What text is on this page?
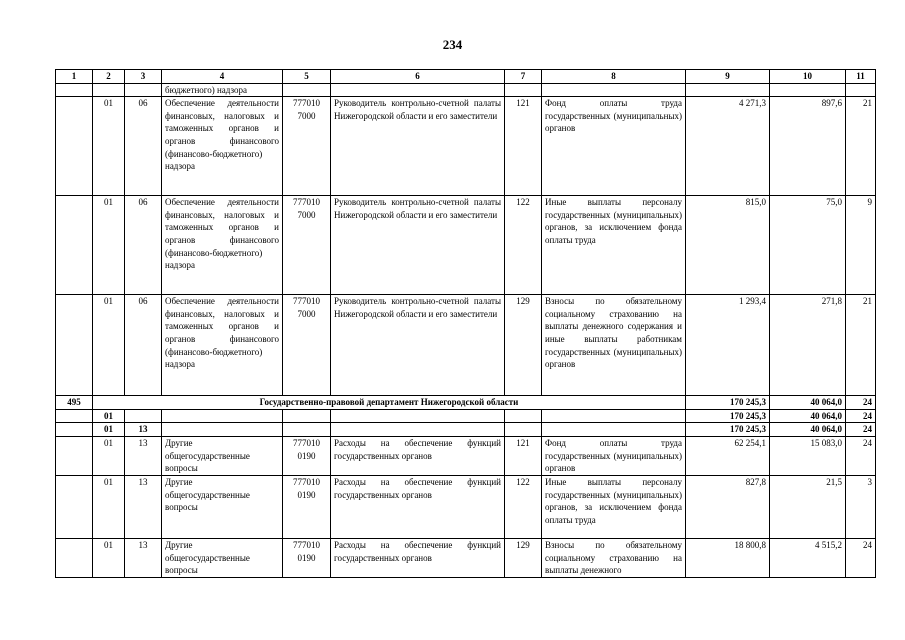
234
1	2	3	4	5	6	7	8	9	10	11
			бюджетного) надзора							
	01	06	Обеспечение деятельности финансовых, налоговых и таможенных органов и органов финансового (финансово-бюджетного) надзора	777010 7000	Руководитель контрольно-счетной палаты Нижегородской области и его заместители	121	Фонд оплаты труда государственных (муниципальных) органов	4 271,3	897,6	21
	01	06	Обеспечение деятельности финансовых, налоговых и таможенных органов и органов финансового (финансово-бюджетного) надзора	777010 7000	Руководитель контрольно-счетной палаты Нижегородской области и его заместители	122	Иные выплаты персоналу государственных (муниципальных) органов, за исключением фонда оплаты труда	815,0	75,0	9
	01	06	Обеспечение деятельности финансовых, налоговых и таможенных органов и органов финансового (финансово-бюджетного) надзора	777010 7000	Руководитель контрольно-счетной палаты Нижегородской области и его заместители	129	Взносы по обязательному социальному страхованию на выплаты денежного содержания и иные выплаты работникам государственных (муниципальных) органов	1 293,4	271,8	21
495	Государственно-правовой департамент Нижегородской области							170 245,3	40 064,0	24
	01							170 245,3	40 064,0	24
	01	13						170 245,3	40 064,0	24
	01	13	Другие общегосударственные вопросы	777010 0190	Расходы на обеспечение функций государственных органов	121	Фонд оплаты труда государственных (муниципальных) органов	62 254,1	15 083,0	24
	01	13	Другие общегосударственные вопросы	777010 0190	Расходы на обеспечение функций государственных органов	122	Иные выплаты персоналу государственных (муниципальных) органов, за исключением фонда оплаты труда	827,8	21,5	3
	01	13	Другие общегосударственные вопросы	777010 0190	Расходы на обеспечение функций государственных органов	129	Взносы по обязательному социальному страхованию на выплаты денежного	18 800,8	4 515,2	24
